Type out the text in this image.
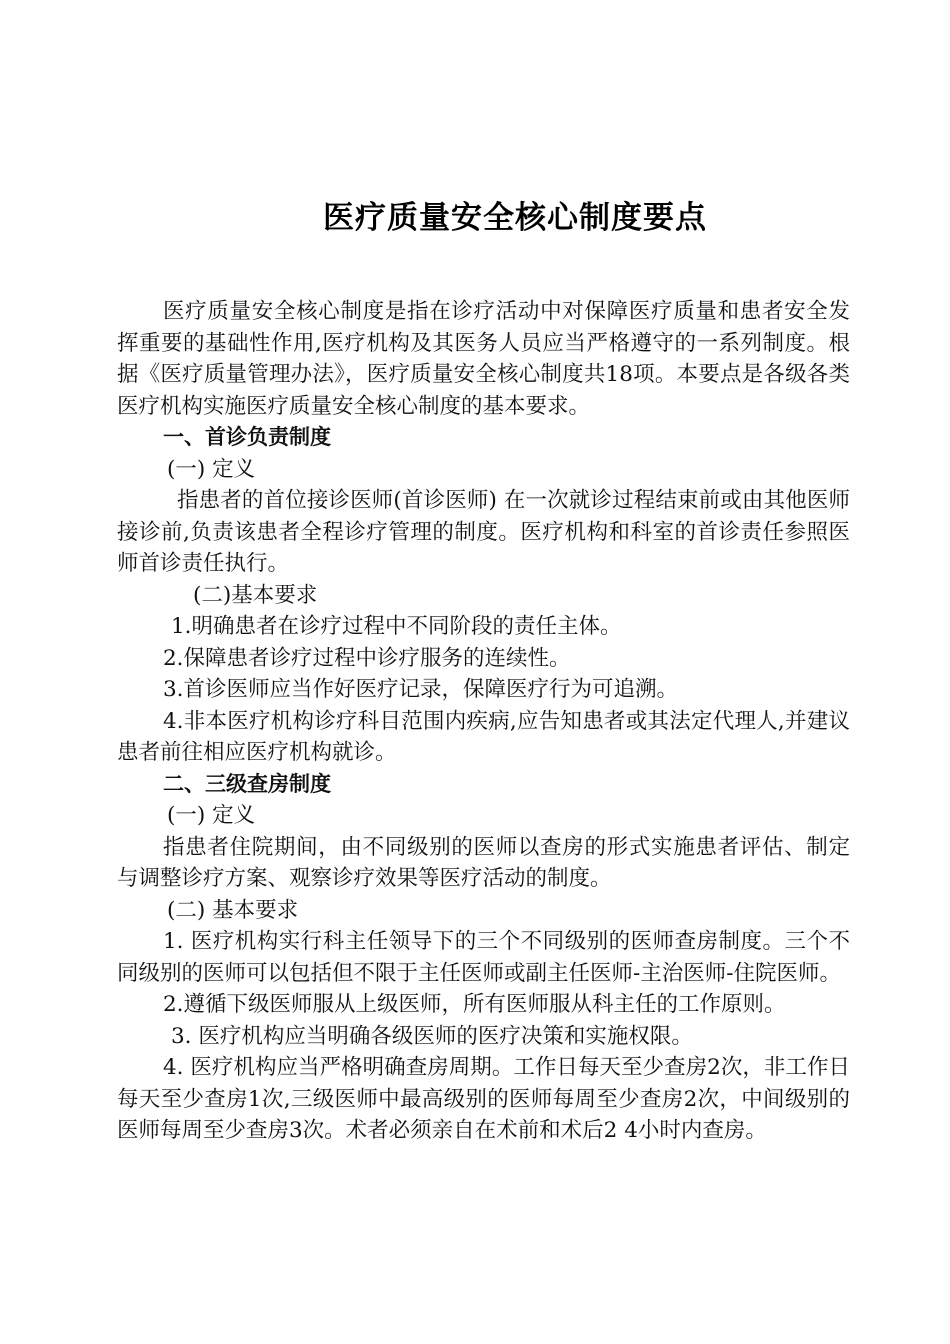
医疗质量安全核心制度要点

医疗质量安全核心制度是指在诊疗活动中对保障医疗质量和患者安全发挥重要的基础性作用,医疗机构及其医务人员应当严格遵守的一系列制度。根据《医疗质量管理办法》，医疗质量安全核心制度共18项。本要点是各级各类医疗机构实施医疗质量安全核心制度的基本要求。

一、首诊负责制度

(一) 定义

指患者的首位接诊医师(首诊医师) 在一次就诊过程结束前或由其他医师接诊前,负责该患者全程诊疗管理的制度。医疗机构和科室的首诊责任参照医师首诊责任执行。

(二)基本要求

1.明确患者在诊疗过程中不同阶段的责任主体。

2.保障患者诊疗过程中诊疗服务的连续性。

3.首诊医师应当作好医疗记录，保障医疗行为可追溯。

4.非本医疗机构诊疗科目范围内疾病,应告知患者或其法定代理人,并建议患者前往相应医疗机构就诊。

二、三级查房制度

(一) 定义

指患者住院期间，由不同级别的医师以查房的形式实施患者评估、制定与调整诊疗方案、观察诊疗效果等医疗活动的制度。

(二) 基本要求

1. 医疗机构实行科主任领导下的三个不同级别的医师查房制度。三个不同级别的医师可以包括但不限于主任医师或副主任医师-主治医师-住院医师。

2.遵循下级医师服从上级医师，所有医师服从科主任的工作原则。

3. 医疗机构应当明确各级医师的医疗决策和实施权限。

4. 医疗机构应当严格明确查房周期。工作日每天至少查房2次，非工作日每天至少查房1次,三级医师中最高级别的医师每周至少查房2次，中间级别的医师每周至少查房3次。术者必须亲自在术前和术后2 4小时内查房。
